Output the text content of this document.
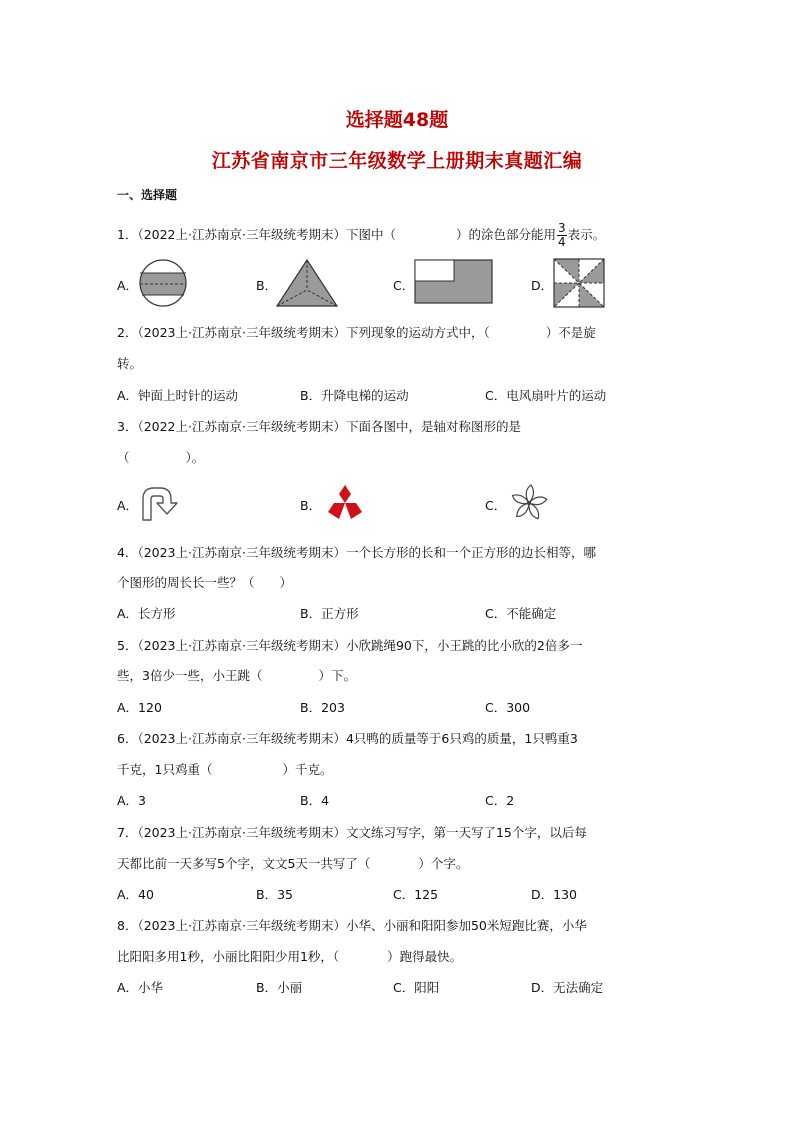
选择题48题
江苏省南京市三年级数学上册期末真题汇编
一、选择题
1．（2022上·江苏南京·三年级统考期末）下图中（	）的涂色部分能用 $\frac{3}{4}$ 表示。
A．	B．	C．	D．
2．（2023上·江苏南京·三年级统考期末）下列现象的运动方式中，（	）不是旋
转。
A．钟面上时针的运动	B．升降电梯的运动	C．电风扇叶片的运动
3．（2022上·江苏南京·三年级统考期末）下面各图中，是轴对称图形的是
（	）。
A．	B．	C．
4．（2023上·江苏南京·三年级统考期末）一个长方形的长和一个正方形的边长相等，哪
个图形的周长长一些？（　　）
A．长方形	B．正方形	C．不能确定
5．（2023上·江苏南京·三年级统考期末）小欣跳绳90下，小王跳的比小欣的2倍多一
些，3倍少一些，小王跳（	）下。
A．120	B．203	C．300
6．（2023上·江苏南京·三年级统考期末）4只鸭的质量等于6只鸡的质量，1只鸭重3
千克，1只鸡重（	）千克。
A．3	B．4	C．2
7．（2023上·江苏南京·三年级统考期末）文文练习写字，第一天写了15个字，以后每
天都比前一天多写5个字，文文5天一共写了（	）个字。
A．40	B．35	C．125	D．130
8．（2023上·江苏南京·三年级统考期末）小华、小丽和阳阳参加50米短跑比赛，小华
比阳阳多用1秒，小丽比阳阳少用1秒，（	）跑得最快。
A．小华	B．小丽	C．阳阳	D．无法确定
